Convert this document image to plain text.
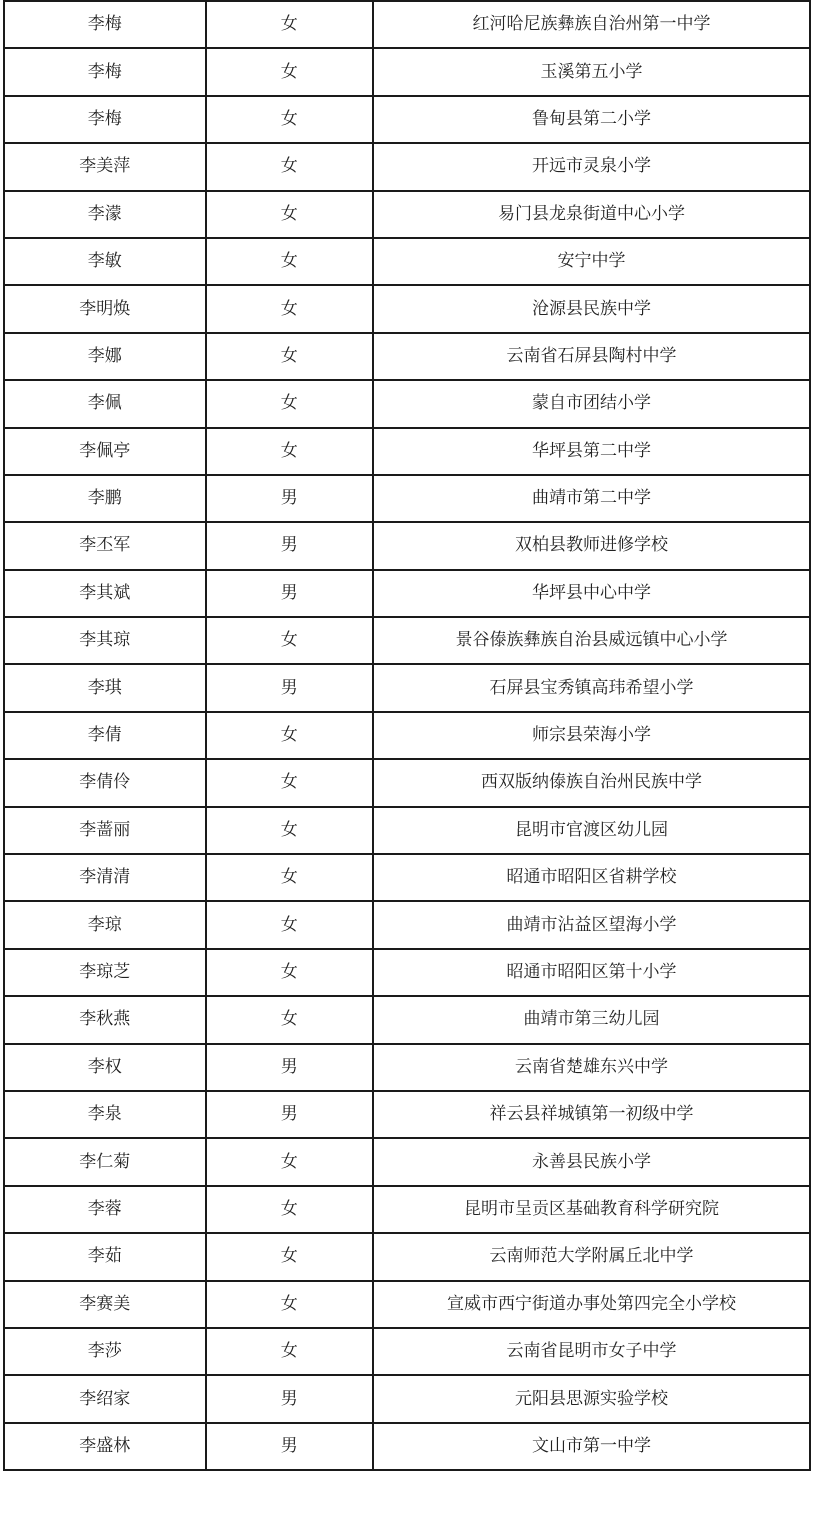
李梅	女	红河哈尼族彝族自治州第一中学
李梅	女	玉溪第五小学
李梅	女	鲁甸县第二小学
李美萍	女	开远市灵泉小学
李濛	女	易门县龙泉街道中心小学
李敏	女	安宁中学
李明焕	女	沧源县民族中学
李娜	女	云南省石屏县陶村中学
李佩	女	蒙自市团结小学
李佩亭	女	华坪县第二中学
李鹏	男	曲靖市第二中学
李丕军	男	双柏县教师进修学校
李其斌	男	华坪县中心中学
李其琼	女	景谷傣族彝族自治县威远镇中心小学
李琪	男	石屏县宝秀镇高玮希望小学
李倩	女	师宗县荣海小学
李倩伶	女	西双版纳傣族自治州民族中学
李蔷丽	女	昆明市官渡区幼儿园
李清清	女	昭通市昭阳区省耕学校
李琼	女	曲靖市沾益区望海小学
李琼芝	女	昭通市昭阳区第十小学
李秋燕	女	曲靖市第三幼儿园
李权	男	云南省楚雄东兴中学
李泉	男	祥云县祥城镇第一初级中学
李仁菊	女	永善县民族小学
李蓉	女	昆明市呈贡区基础教育科学研究院
李茹	女	云南师范大学附属丘北中学
李赛美	女	宣威市西宁街道办事处第四完全小学校
李莎	女	云南省昆明市女子中学
李绍家	男	元阳县思源实验学校
李盛林	男	文山市第一中学
